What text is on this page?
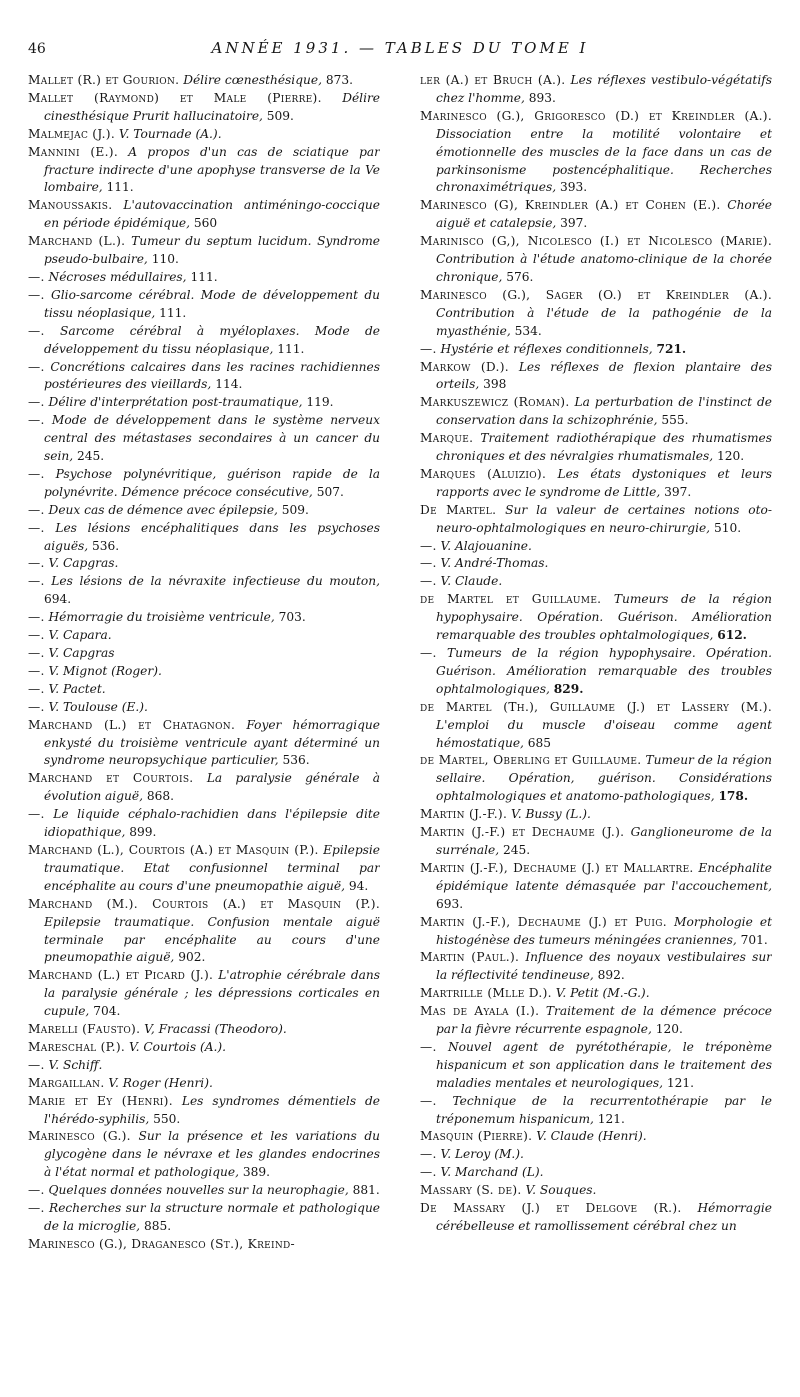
46	ANNÉE 1931. — TABLES DU TOME I

Mallet (R.) et Gourion. Délire cœnesthésique, 873.

Mallet (Raymond) et Male (Pierre). Délire cinesthésique Prurit hallucinatoire, 509.

Malmejac (J.). V. Tournade (A.).

Mannini (E.). A propos d'un cas de sciatique par fracture indirecte d'une apophyse transverse de la Ve lombaire, 111.

Manoussakis. L'autovaccination antiméningo-coccique en période épidémique, 560

Marchand (L.). Tumeur du septum lucidum. Syndrome pseudo-bulbaire, 110.

—. Nécroses médullaires, 111.

—. Glio-sarcome cérébral. Mode de développement du tissu néoplasique, 111.

—. Sarcome cérébral à myéloplaxes. Mode de développement du tissu néoplasique, 111.

—. Concrétions calcaires dans les racines rachidiennes postérieures des vieillards, 114.

—. Délire d'interprétation post-traumatique, 119.

—. Mode de développement dans le système nerveux central des métastases secondaires à un cancer du sein, 245.

—. Psychose polynévritique, guérison rapide de la polynévrite. Démence précoce consécutive, 507.

—. Deux cas de démence avec épilepsie, 509.

—. Les lésions encéphalitiques dans les psychoses aiguës, 536.

—. V. Capgras.

—. Les lésions de la névraxite infectieuse du mouton, 694.

—. Hémorragie du troisième ventricule, 703.

—. V. Capara.

—. V. Capgras

—. V. Mignot (Roger).

—. V. Pactet.

—. V. Toulouse (E.).

Marchand (L.) et Chatagnon. Foyer hémorragique enkysté du troisième ventricule ayant déterminé un syndrome neuropsychique particulier, 536.

Marchand et Courtois. La paralysie générale à évolution aiguë, 868.

—. Le liquide céphalo-rachidien dans l'épilepsie dite idiopathique, 899.

Marchand (L.), Courtois (A.) et Masquin (P.). Epilepsie traumatique. Etat confusionnel terminal par encéphalite au cours d'une pneumopathie aiguë, 94.

Marchand (M.). Courtois (A.) et Masquin (P.). Epilepsie traumatique. Confusion mentale aiguë terminale par encéphalite au cours d'une pneumopathie aiguë, 902.

Marchand (L.) et Picard (J.). L'atrophie cérébrale dans la paralysie générale ; les dépressions corticales en cupule, 704.

Marelli (Fausto). V, Fracassi (Theodoro).

Mareschal (P.). V. Courtois (A.).

—. V. Schiff.

Margaillan. V. Roger (Henri).

Marie et Ey (Henri). Les syndromes démentiels de l'hérédo-syphilis, 550.

Marinesco (G.). Sur la présence et les variations du glycogène dans le névraxe et les glandes endocrines à l'état normal et pathologique, 389.

—. Quelques données nouvelles sur la neurophagie, 881.

—. Recherches sur la structure normale et pathologique de la microglie, 885.

Marinesco (G.), Draganesco (St.), Kreind-

ler (A.) et Bruch (A.). Les réflexes vestibulo-végétatifs chez l'homme, 893.

Marinesco (G.), Grigoresco (D.) et Kreindler (A.). Dissociation entre la motilité volontaire et émotionnelle des muscles de la face dans un cas de parkinsonisme postencéphalitique. Recherches chronaximétriques, 393.

Marinesco (G), Kreindler (A.) et Cohen (E.). Chorée aiguë et catalepsie, 397.

Marinisco (G,), Nicolesco (I.) et Nicolesco (Marie). Contribution à l'étude anatomo-clinique de la chorée chronique, 576.

Marinesco (G.), Sager (O.) et Kreindler (A.). Contribution à l'étude de la pathogénie de la myasthénie, 534.

—. Hystérie et réflexes conditionnels, 721.

Markow (D.). Les réflexes de flexion plantaire des orteils, 398

Markuszewicz (Roman). La perturbation de l'instinct de conservation dans la schizophrénie, 555.

Marque. Traitement radiothérapique des rhumatismes chroniques et des névralgies rhumatismales, 120.

Marques (Aluizio). Les états dystoniques et leurs rapports avec le syndrome de Little, 397.

De Martel. Sur la valeur de certaines notions oto-neuro-ophtalmologiques en neuro-chirurgie, 510.

—. V. Alajouanine.

—. V. André-Thomas.

—. V. Claude.

de Martel et Guillaume. Tumeurs de la région hypophysaire. Opération. Guérison. Amélioration remarquable des troubles ophtalmologiques, 612.

—. Tumeurs de la région hypophysaire. Opération. Guérison. Amélioration remarquable des troubles ophtalmologiques, 829.

de Martel (Th.), Guillaume (J.) et Lassery (M.). L'emploi du muscle d'oiseau comme agent hémostatique, 685

de Martel, Oberling et Guillaume. Tumeur de la région sellaire. Opération, guérison. Considérations ophtalmologiques et anatomo-pathologiques, 178.

Martin (J.-F.). V. Bussy (L.).

Martin (J.-F.) et Dechaume (J.). Ganglioneurome de la surrénale, 245.

Martin (J.-F.), Dechaume (J.) et Mallartre. Encéphalite épidémique latente démasquée par l'accouchement, 693.

Martin (J.-F.), Dechaume (J.) et Puig. Morphologie et histogénèse des tumeurs méningées craniennes, 701.

Martin (Paul.). Influence des noyaux vestibulaires sur la réflectivité tendineuse, 892.

Martrille (Mlle D.). V. Petit (M.-G.).

Mas de Ayala (I.). Traitement de la démence précoce par la fièvre récurrente espagnole, 120.

—. Nouvel agent de pyrétothérapie, le tréponème hispanicum et son application dans le traitement des maladies mentales et neurologiques, 121.

—. Technique de la recurrentothérapie par le tréponemum hispanicum, 121.

Masquin (Pierre). V. Claude (Henri).

—. V. Leroy (M.).

—. V. Marchand (L).

Massary (S. de). V. Souques.

De Massary (J.) et Delgove (R.). Hémorragie cérébelleuse et ramollissement cérébral chez un
